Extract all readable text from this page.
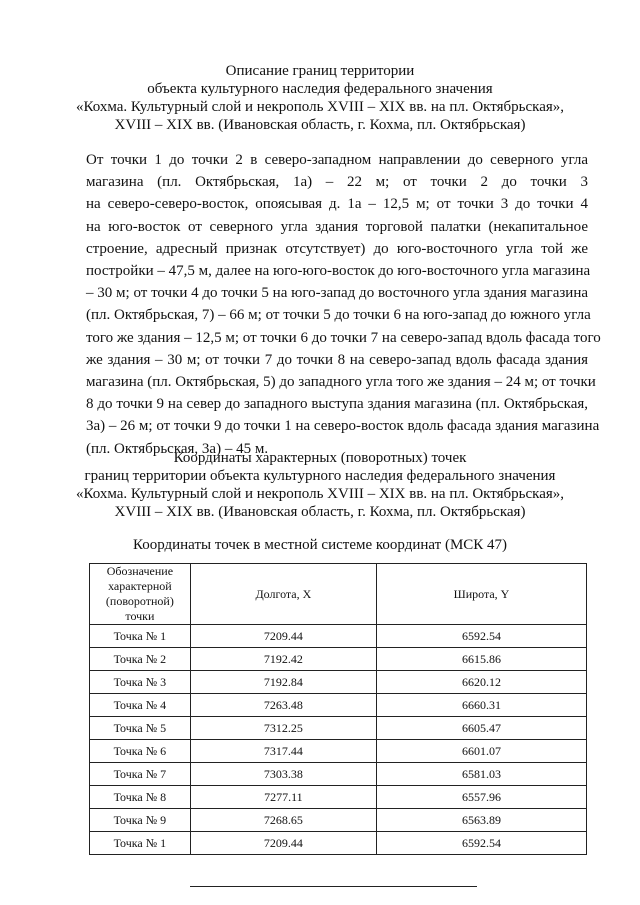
Описание границ территории
объекта культурного наследия федерального значения
«Кохма. Культурный слой и некрополь XVIII – XIX вв. на пл. Октябрьская»,
XVIII – XIX вв. (Ивановская область, г. Кохма, пл. Октябрьская)
От точки 1 до точки 2 в северо-западном направлении до северного угла
магазина (пл. Октябрьская, 1а) – 22 м; от точки 2 до точки 3
на северо-северо-восток, опоясывая д. 1а – 12,5 м; от точки 3 до точки 4
на юго-восток от северного угла здания торговой палатки (некапитальное
строение, адресный признак отсутствует) до юго-восточного угла той же
постройки – 47,5 м, далее на юго-юго-восток до юго-восточного угла магазина
– 30 м; от точки 4 до точки 5 на юго-запад до восточного угла здания магазина
(пл. Октябрьская, 7) – 66 м; от точки 5 до точки 6 на юго-запад до южного угла
того же здания – 12,5 м; от точки 6 до точки 7 на северо-запад вдоль фасада того
же здания – 30 м; от точки 7 до точки 8 на северо-запад вдоль фасада здания
магазина (пл. Октябрьская, 5) до западного угла того же здания – 24 м; от точки
8 до точки 9 на север до западного выступа здания магазина (пл. Октябрьская,
3а) – 26 м; от точки 9 до точки 1 на северо-восток вдоль фасада здания магазина
(пл. Октябрьская, 3а) – 45 м.
Координаты характерных (поворотных) точек
границ территории объекта культурного наследия федерального значения
«Кохма. Культурный слой и некрополь XVIII – XIX вв. на пл. Октябрьская»,
XVIII – XIX вв. (Ивановская область, г. Кохма, пл. Октябрьская)
Координаты точек в местной системе координат (МСК 47)
Обозначение
характерной
(поворотной) точки	Долгота, X	Широта, Y
Точка № 1	7209.44	6592.54
Точка № 2	7192.42	6615.86
Точка № 3	7192.84	6620.12
Точка № 4	7263.48	6660.31
Точка № 5	7312.25	6605.47
Точка № 6	7317.44	6601.07
Точка № 7	7303.38	6581.03
Точка № 8	7277.11	6557.96
Точка № 9	7268.65	6563.89
Точка № 1	7209.44	6592.54
